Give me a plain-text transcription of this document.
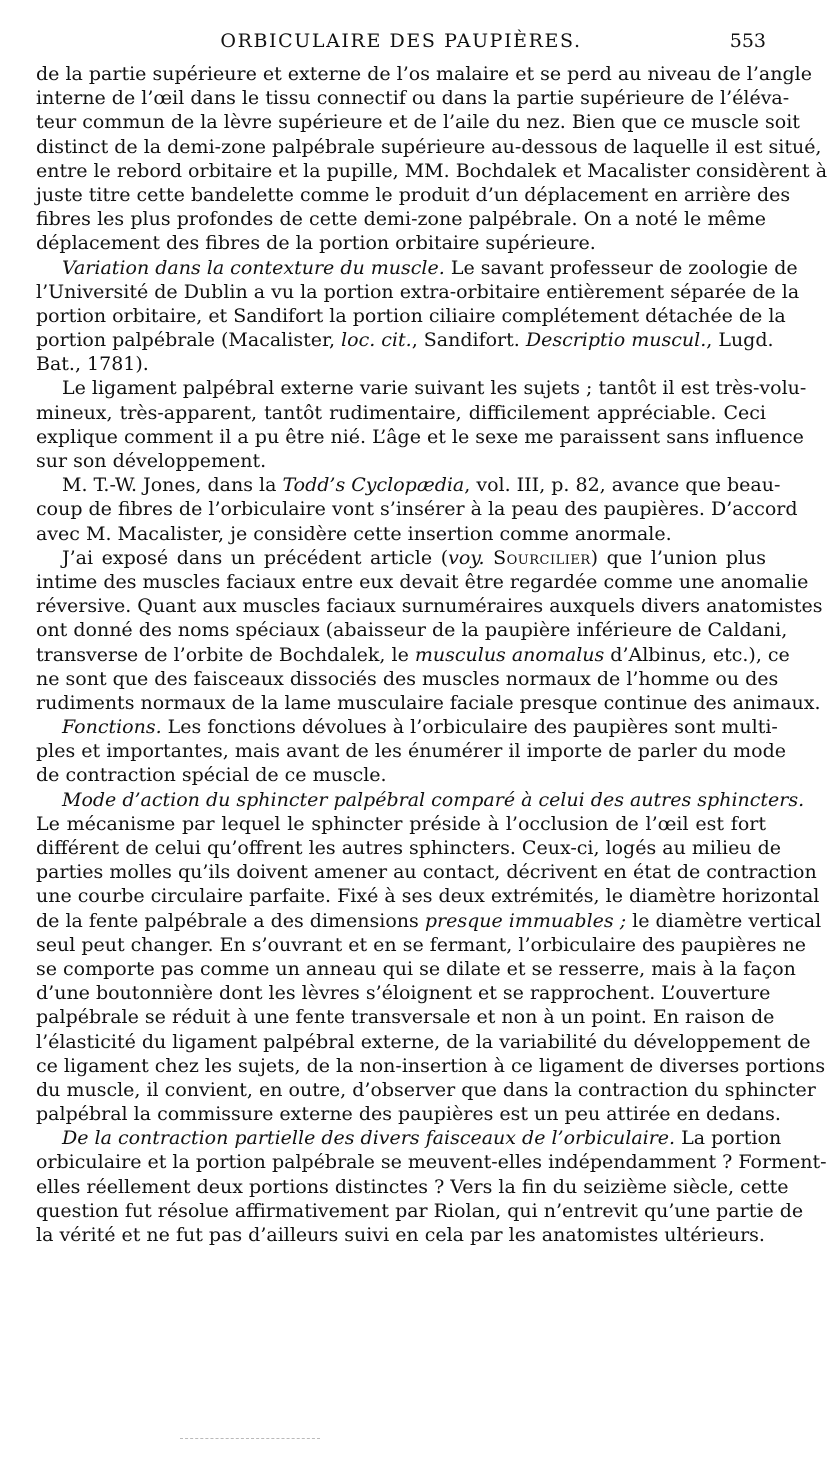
ORBICULAIRE DES PAUPIÈRES.	553
de la partie supérieure et externe de l’os malaire et se perd au niveau de l’angle
interne de l’œil dans le tissu connectif ou dans la partie supérieure de l’éléva-
teur commun de la lèvre supérieure et de l’aile du nez. Bien que ce muscle soit
distinct de la demi-zone palpébrale supérieure au-dessous de laquelle il est situé,
entre le rebord orbitaire et la pupille, MM. Bochdalek et Macalister considèrent à
juste titre cette bandelette comme le produit d’un déplacement en arrière des
fibres les plus profondes de cette demi-zone palpébrale. On a noté le même
déplacement des fibres de la portion orbitaire supérieure.
Variation dans la contexture du muscle. Le savant professeur de zoologie de
l’Université de Dublin a vu la portion extra-orbitaire entièrement séparée de la
portion orbitaire, et Sandifort la portion ciliaire complétement détachée de la
portion palpébrale (Macalister, loc. cit., Sandifort. Descriptio muscul., Lugd.
Bat., 1781).
Le ligament palpébral externe varie suivant les sujets ; tantôt il est très-volu-
mineux, très-apparent, tantôt rudimentaire, difficilement appréciable. Ceci
explique comment il a pu être nié. L’âge et le sexe me paraissent sans influence
sur son développement.
M. T.-W. Jones, dans la Todd’s Cyclopædia, vol. III, p. 82, avance que beau-
coup de fibres de l’orbiculaire vont s’insérer à la peau des paupières. D’accord
avec M. Macalister, je considère cette insertion comme anormale.
J’ai exposé dans un précédent article (voy. Sourcilier) que l’union plus
intime des muscles faciaux entre eux devait être regardée comme une anomalie
réversive. Quant aux muscles faciaux surnuméraires auxquels divers anatomistes
ont donné des noms spéciaux (abaisseur de la paupière inférieure de Caldani,
transverse de l’orbite de Bochdalek, le musculus anomalus d’Albinus, etc.), ce
ne sont que des faisceaux dissociés des muscles normaux de l’homme ou des
rudiments normaux de la lame musculaire faciale presque continue des animaux.
Fonctions. Les fonctions dévolues à l’orbiculaire des paupières sont multi-
ples et importantes, mais avant de les énumérer il importe de parler du mode
de contraction spécial de ce muscle.
Mode d’action du sphincter palpébral comparé à celui des autres sphincters.
Le mécanisme par lequel le sphincter préside à l’occlusion de l’œil est fort
différent de celui qu’offrent les autres sphincters. Ceux-ci, logés au milieu de
parties molles qu’ils doivent amener au contact, décrivent en état de contraction
une courbe circulaire parfaite. Fixé à ses deux extrémités, le diamètre horizontal
de la fente palpébrale a des dimensions presque immuables ; le diamètre vertical
seul peut changer. En s’ouvrant et en se fermant, l’orbiculaire des paupières ne
se comporte pas comme un anneau qui se dilate et se resserre, mais à la façon
d’une boutonnière dont les lèvres s’éloignent et se rapprochent. L’ouverture
palpébrale se réduit à une fente transversale et non à un point. En raison de
l’élasticité du ligament palpébral externe, de la variabilité du développement de
ce ligament chez les sujets, de la non-insertion à ce ligament de diverses portions
du muscle, il convient, en outre, d’observer que dans la contraction du sphincter
palpébral la commissure externe des paupières est un peu attirée en dedans.
De la contraction partielle des divers faisceaux de l’orbiculaire. La portion
orbiculaire et la portion palpébrale se meuvent-elles indépendamment ? Forment-
elles réellement deux portions distinctes ? Vers la fin du seizième siècle, cette
question fut résolue affirmativement par Riolan, qui n’entrevit qu’une partie de
la vérité et ne fut pas d’ailleurs suivi en cela par les anatomistes ultérieurs.
